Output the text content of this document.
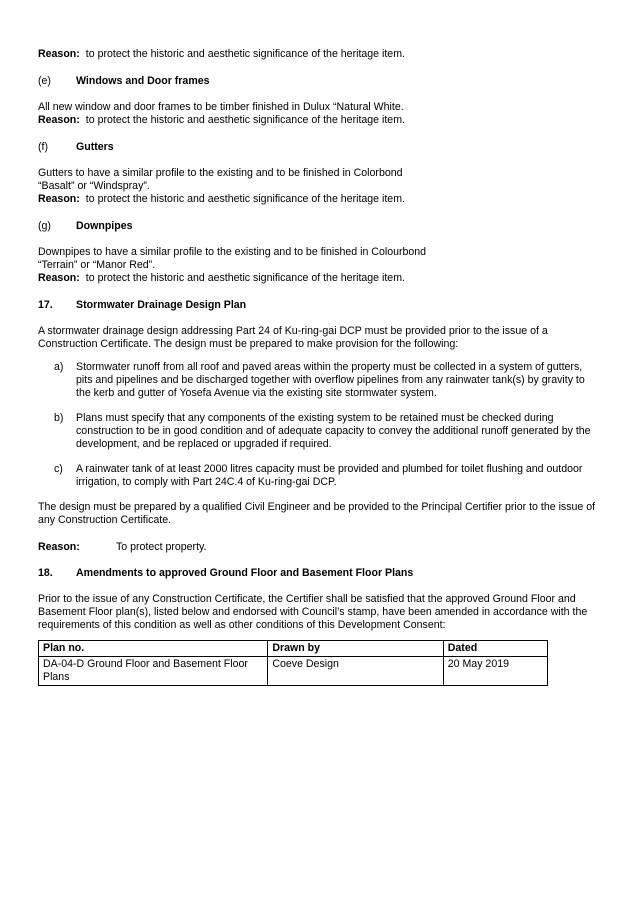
Reason: to protect the historic and aesthetic significance of the heritage item.

(e)	Windows and Door frames

All new window and door frames to be timber finished in Dulux “Natural White.

Reason: to protect the historic and aesthetic significance of the heritage item.

(f)	Gutters

Gutters to have a similar profile to the existing and to be finished in Colorbond
“Basalt” or “Windspray”.

Reason: to protect the historic and aesthetic significance of the heritage item.

(g)	Downpipes

Downpipes to have a similar profile to the existing and to be finished in Colourbond
“Terrain” or “Manor Red”.

Reason: to protect the historic and aesthetic significance of the heritage item.

17.	Stormwater Drainage Design Plan

A stormwater drainage design addressing Part 24 of Ku-ring-gai DCP must be provided prior to the issue of a Construction Certificate. The design must be prepared to make provision for the following:

a)	Stormwater runoff from all roof and paved areas within the property must be collected in a system of gutters, pits and pipelines and be discharged together with overflow pipelines from any rainwater tank(s) by gravity to the kerb and gutter of Yosefa Avenue via the existing site stormwater system.
b)	Plans must specify that any components of the existing system to be retained must be checked during construction to be in good condition and of adequate capacity to convey the additional runoff generated by the development, and be replaced or upgraded if required.
c)	A rainwater tank of at least 2000 litres capacity must be provided and plumbed for toilet flushing and outdoor irrigation, to comply with Part 24C.4 of Ku-ring-gai DCP.

The design must be prepared by a qualified Civil Engineer and be provided to the Principal Certifier prior to the issue of any Construction Certificate.

Reason:	To protect property.
18.	Amendments to approved Ground Floor and Basement Floor Plans

Prior to the issue of any Construction Certificate, the Certifier shall be satisfied that the approved Ground Floor and Basement Floor plan(s), listed below and endorsed with Council’s stamp, have been amended in accordance with the requirements of this condition as well as other conditions of this Development Consent:

Plan no.	Drawn by	Dated
DA-04-D Ground Floor and Basement Floor Plans	Coeve Design	20 May 2019
